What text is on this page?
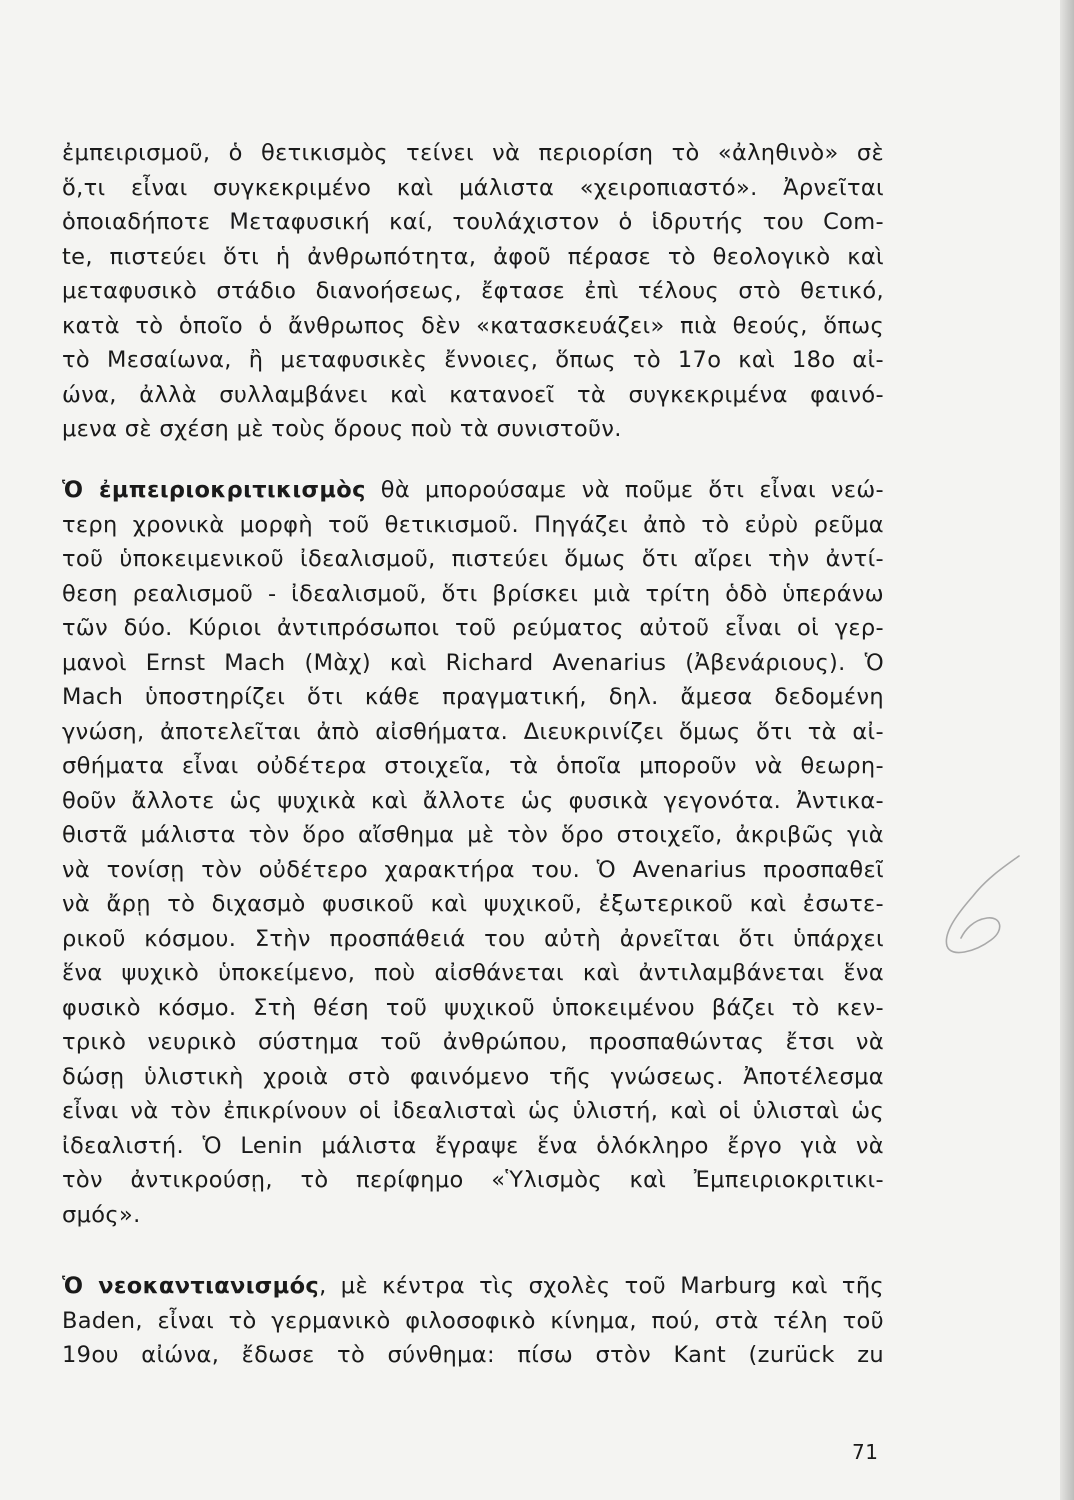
ἐμπειρισμοῦ, ὁ θετικισμὸς τείνει νὰ περιορίση τὸ «ἀληθινὸ» σὲ
ὅ,τι εἶναι συγκεκριμένο καὶ μάλιστα «χειροπιαστό». Ἀρνεῖται
ὁποιαδήποτε Μεταφυσική καί, τουλάχιστον ὁ ἱδρυτής του Com-
te, πιστεύει ὅτι ἡ ἀνθρωπότητα, ἀφοῦ πέρασε τὸ θεολογικὸ καὶ
μεταφυσικὸ στάδιο διανοήσεως, ἔφτασε ἐπὶ τέλους στὸ θετικό,
κατὰ τὸ ὁποῖο ὁ ἄνθρωπος δὲν «κατασκευάζει» πιὰ θεούς, ὅπως
τὸ Μεσαίωνα, ἢ μεταφυσικὲς ἔννοιες, ὅπως τὸ 17ο καὶ 18ο αἰ-
ώνα, ἀλλὰ συλλαμβάνει καὶ κατανοεῖ τὰ συγκεκριμένα φαινό-
μενα σὲ σχέση μὲ τοὺς ὅρους ποὺ τὰ συνιστοῦν.
Ὁ ἐμπειριοκριτικισμὸς θὰ μπορούσαμε νὰ ποῦμε ὅτι εἶναι νεώ-
τερη χρονικὰ μορφὴ τοῦ θετικισμοῦ. Πηγάζει ἀπὸ τὸ εὐρὺ ρεῦμα
τοῦ ὑποκειμενικοῦ ἰδεαλισμοῦ, πιστεύει ὅμως ὅτι αἴρει τὴν ἀντί-
θεση ρεαλισμοῦ - ἰδεαλισμοῦ, ὅτι βρίσκει μιὰ τρίτη ὁδὸ ὑπεράνω
τῶν δύο. Κύριοι ἀντιπρόσωποι τοῦ ρεύματος αὐτοῦ εἶναι οἱ γερ-
μανοὶ Ernst Mach (Μὰχ) καὶ Richard Avenarius (Ἀβενάριους). Ὁ
Mach ὑποστηρίζει ὅτι κάθε πραγματική, δηλ. ἄμεσα δεδομένη
γνώση, ἀποτελεῖται ἀπὸ αἰσθήματα. Διευκρινίζει ὅμως ὅτι τὰ αἰ-
σθήματα εἶναι οὐδέτερα στοιχεῖα, τὰ ὁποῖα μποροῦν νὰ θεωρη-
θοῦν ἄλλοτε ὡς ψυχικὰ καὶ ἄλλοτε ὡς φυσικὰ γεγονότα. Ἀντικα-
θιστᾶ μάλιστα τὸν ὅρο αἴσθημα μὲ τὸν ὅρο στοιχεῖο, ἀκριβῶς γιὰ
νὰ τονίσῃ τὸν οὐδέτερο χαρακτήρα του. Ὁ Avenarius προσπαθεῖ
νὰ ἄρῃ τὸ διχασμὸ φυσικοῦ καὶ ψυχικοῦ, ἐξωτερικοῦ καὶ ἐσωτε-
ρικοῦ κόσμου. Στὴν προσπάθειά του αὐτὴ ἀρνεῖται ὅτι ὑπάρχει
ἕνα ψυχικὸ ὑποκείμενο, ποὺ αἰσθάνεται καὶ ἀντιλαμβάνεται ἕνα
φυσικὸ κόσμο. Στὴ θέση τοῦ ψυχικοῦ ὑποκειμένου βάζει τὸ κεν-
τρικὸ νευρικὸ σύστημα τοῦ ἀνθρώπου, προσπαθώντας ἔτσι νὰ
δώσῃ ὑλιστικὴ χροιὰ στὸ φαινόμενο τῆς γνώσεως. Ἀποτέλεσμα
εἶναι νὰ τὸν ἐπικρίνουν οἱ ἰδεαλισταὶ ὡς ὑλιστή, καὶ οἱ ὑλισταὶ ὡς
ἰδεαλιστή. Ὁ Lenin μάλιστα ἔγραψε ἕνα ὁλόκληρο ἔργο γιὰ νὰ
τὸν ἀντικρούσῃ, τὸ περίφημο «Ὑλισμὸς καὶ Ἐμπειριοκριτικι-
σμός».
Ὁ νεοκαντιανισμός, μὲ κέντρα τὶς σχολὲς τοῦ Marburg καὶ τῆς
Baden, εἶναι τὸ γερμανικὸ φιλοσοφικὸ κίνημα, πού, στὰ τέλη τοῦ
19ου αἰώνα, ἔδωσε τὸ σύνθημα: πίσω στὸν Kant (zurück zu
71
